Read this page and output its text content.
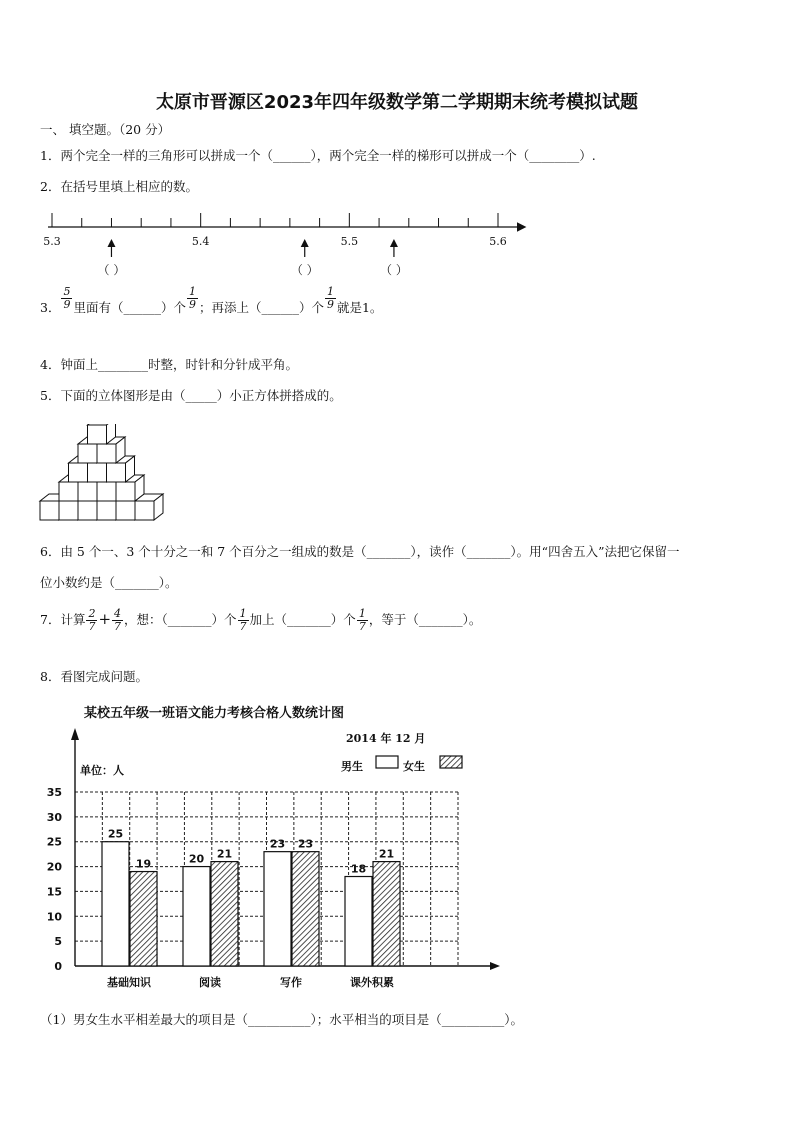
太原市晋源区2023年四年级数学第二学期期末统考模拟试题
一、 填空题。（20 分）
1．两个完全一样的三角形可以拼成一个（______），两个完全一样的梯形可以拼成一个（________）.
2．在括号里填上相应的数。
5.3	5.4	5.5	5.6
（ ）	（ ）	（ ）
3． $\frac{5}{9}$ 里面有（______）个 $\frac{1}{9}$ ；再添上（______）个 $\frac{1}{9}$ 就是1。
4．钟面上________时整，时针和分针成平角。
5．下面的立体图形是由（_____）小正方体拼搭成的。
6．由 5 个一、3 个十分之一和 7 个百分之一组成的数是（_______），读作（_______）。用“四舍五入”法把它保留一
位小数约是（_______）。
7．计算 $\frac{2}{7} + \frac{4}{7}$ ，想：（_______）个 $\frac{1}{7}$ 加上（_______）个 $\frac{1}{7}$ ，等于（_______）。
8．看图完成问题。
某校五年级一班语文能力考核合格人数统计图
2014 年 12 月
单位：人	男生	女生
0
5
10
15
20
25
30
35
25
19
基础知识
20 21
阅读
23 23
写作
18
21
课外积累
（1）男女生水平相差最大的项目是（__________）；水平相当的项目是（__________）。
